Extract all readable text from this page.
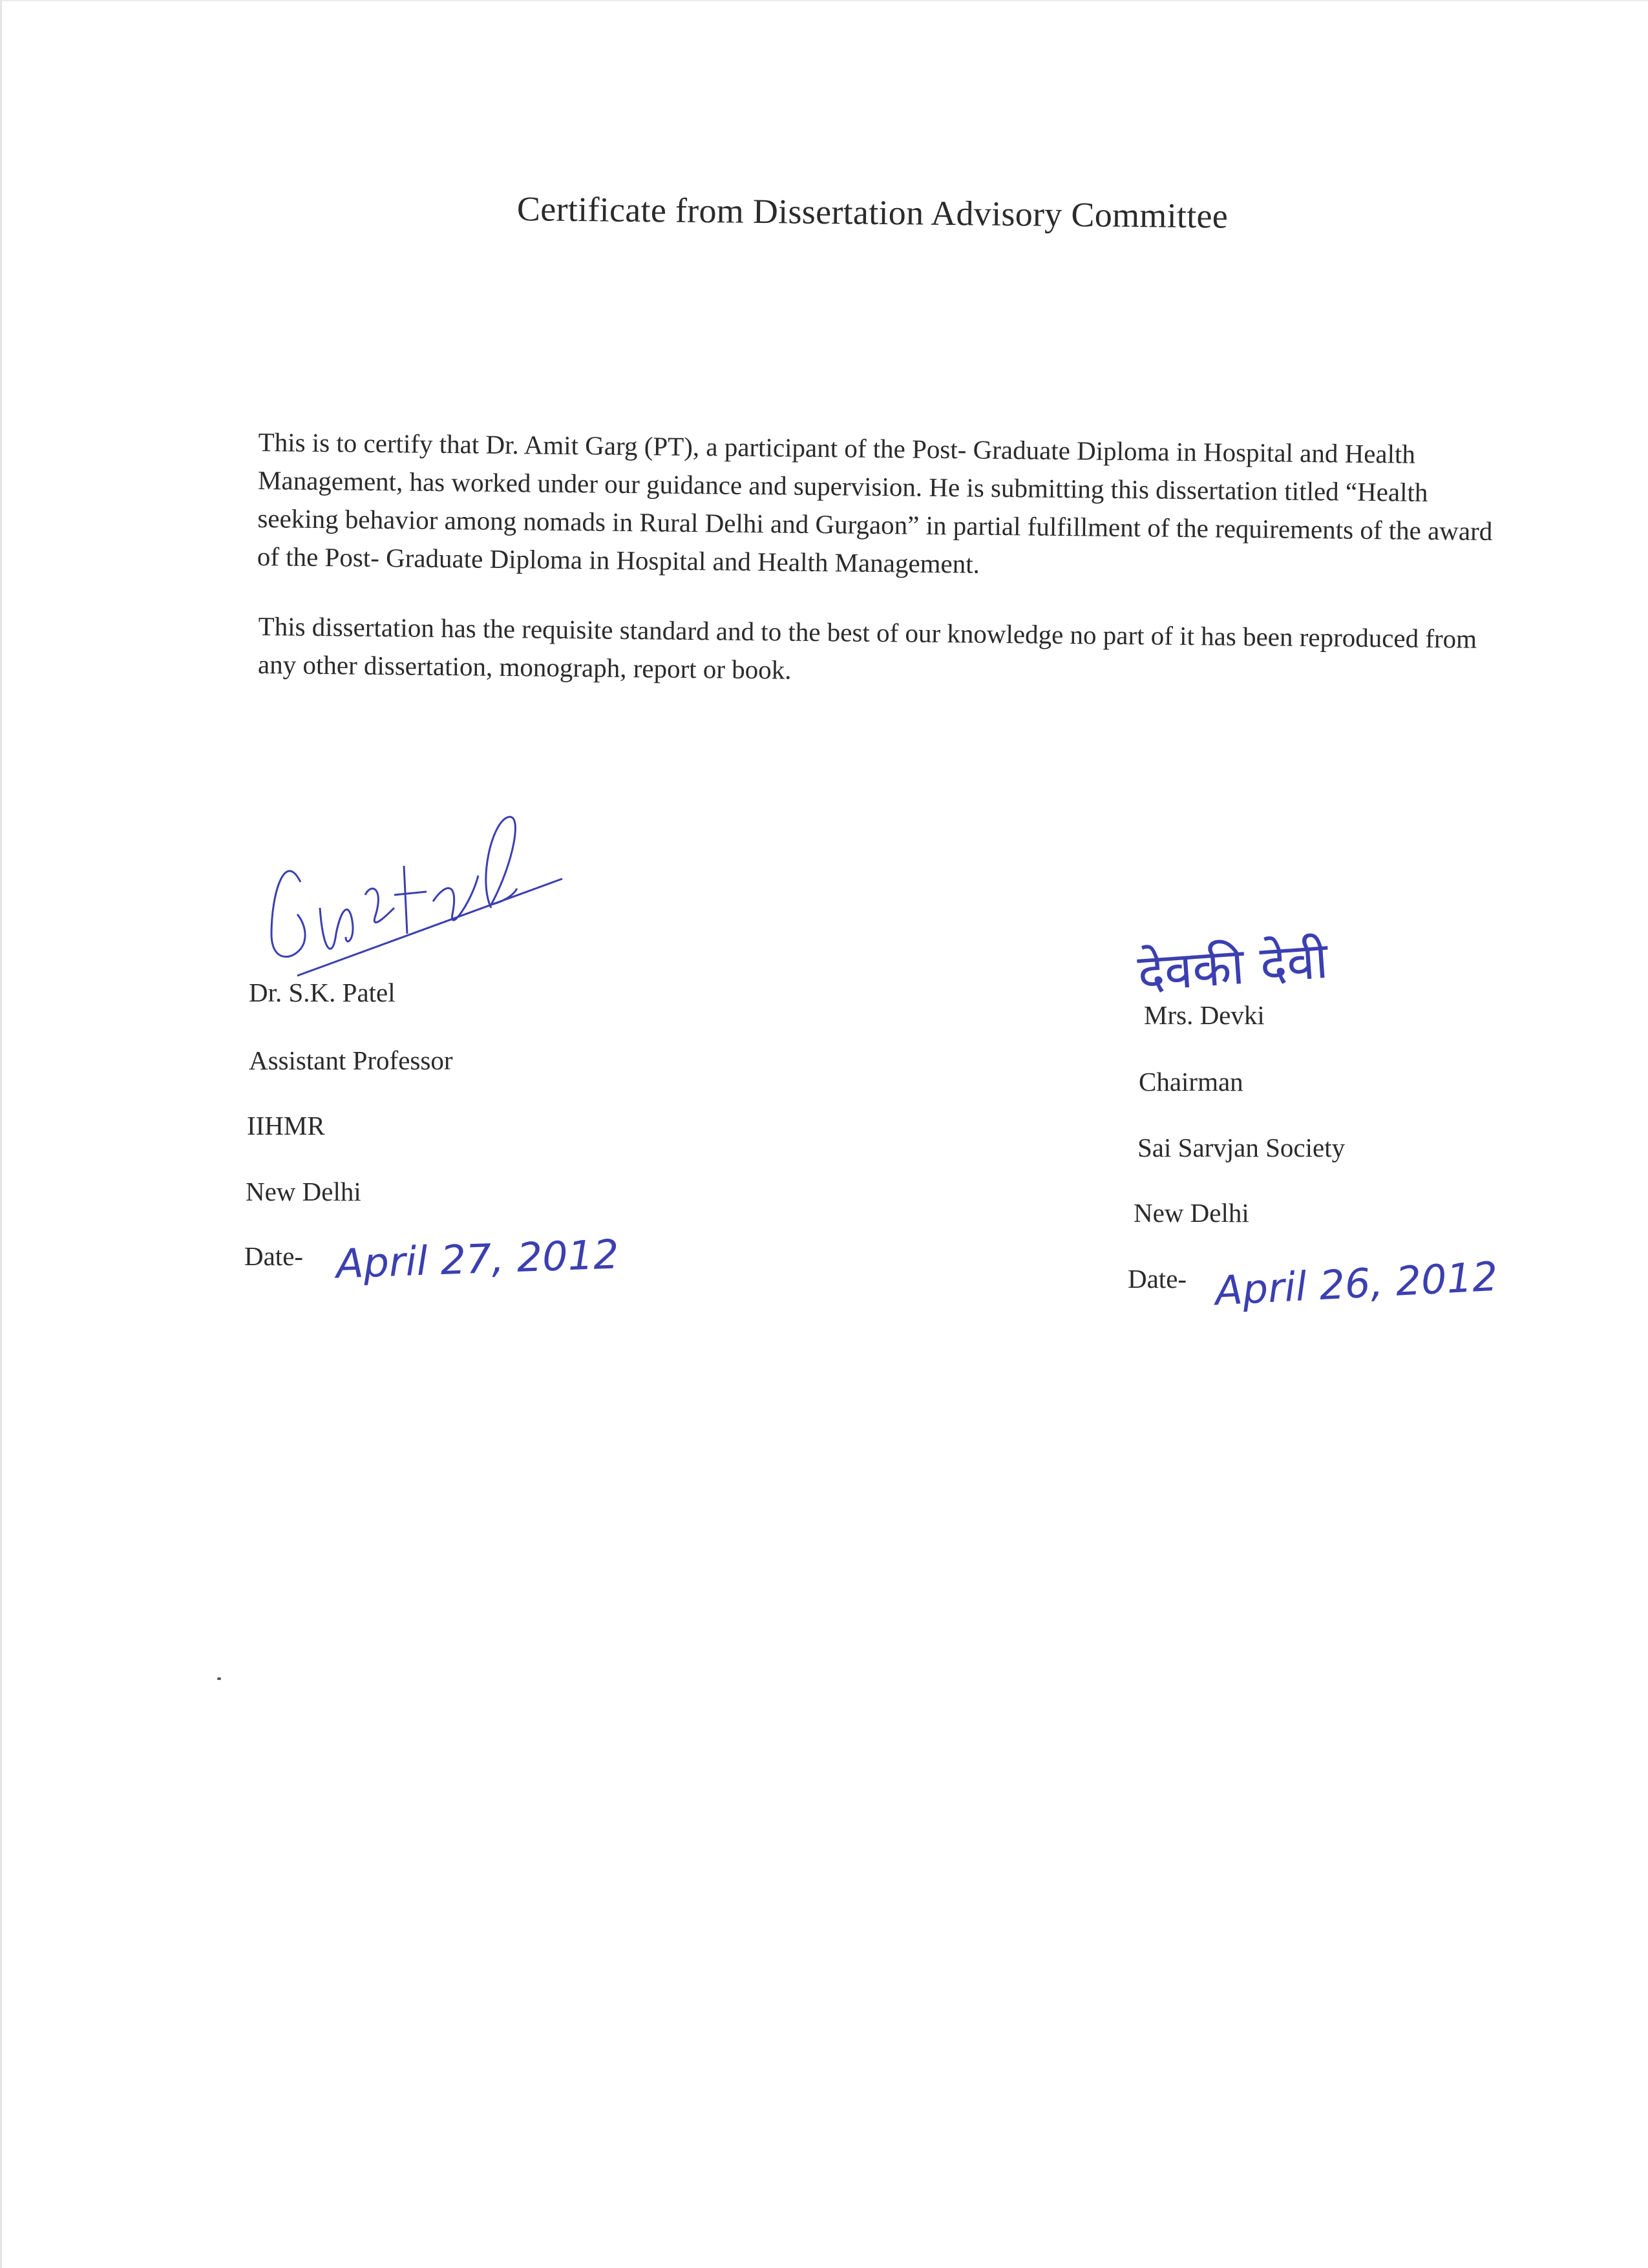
Certificate from Dissertation Advisory Committee

This is to certify that Dr. Amit Garg (PT), a participant of the Post- Graduate Diploma in Hospital and Health Management, has worked under our guidance and supervision. He is submitting this dissertation titled “Health seeking behavior among nomads in Rural Delhi and Gurgaon” in partial fulfillment of the requirements of the award of the Post- Graduate Diploma in Hospital and Health Management.

This dissertation has the requisite standard and to the best of our knowledge no part of it has been reproduced from any other dissertation, monograph, report or book.

देवकी देवी
Dr. S.K. Patel
Assistant Professor
IIHMR
New Delhi
Date- April 27, 2012
Mrs. Devki
Chairman
Sai Sarvjan Society
New Delhi
Date- April 26, 2012
